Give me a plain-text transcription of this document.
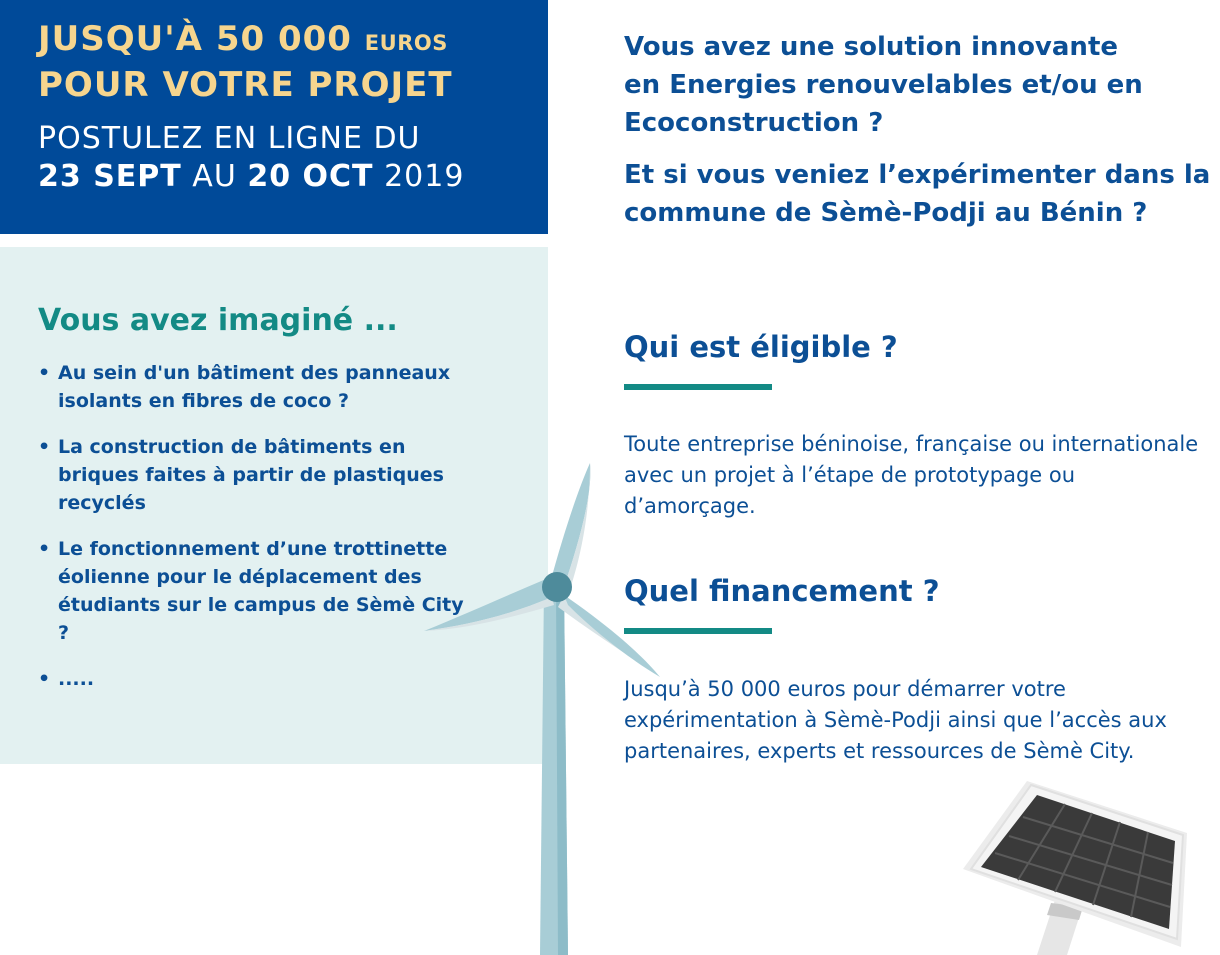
JUSQU'À 50 000 EUROS
POUR VOTRE PROJET
POSTULEZ EN LIGNE DU
23 SEPT AU 20 OCT 2019
Vous avez imaginé ...
• Au sein d'un bâtiment des panneaux isolants en fibres de coco ?
• La construction de bâtiments en briques faites à partir de plastiques recyclés
• Le fonctionnement d’une trottinette éolienne pour le déplacement des étudiants sur le campus de Sèmè City ?
• .....

Vous avez une solution innovante
en Energies renouvelables et/ou en
Ecoconstruction ?

Et si vous veniez l’expérimenter dans la
commune de Sèmè-Podji au Bénin ?

Qui est éligible ?
Toute entreprise béninoise, française ou internationale avec un projet à l’étape de prototypage ou d’amorçage.
Quel financement ?
Jusqu’à 50 000 euros pour démarrer votre expérimentation à Sèmè-Podji ainsi que l’accès aux partenaires, experts et ressources de Sèmè City.
